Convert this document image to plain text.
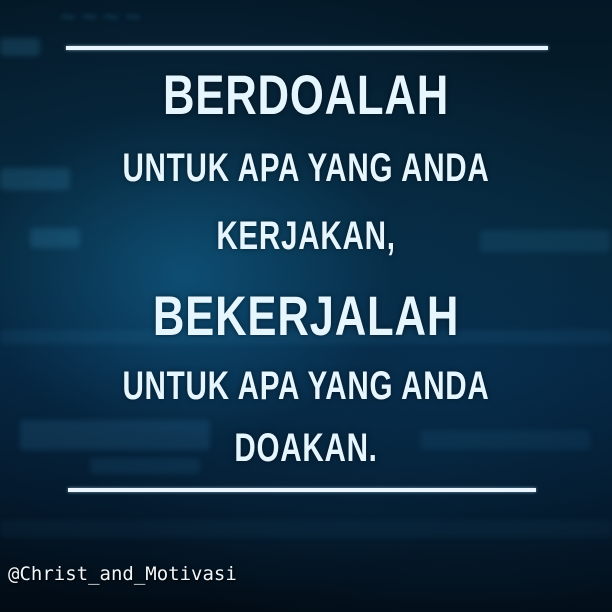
~~~~
BERDOALAH
UNTUK APA YANG ANDA
KERJAKAN,
BEKERJALAH
UNTUK APA YANG ANDA
DOAKAN.
@Christ_and_Motivasi
